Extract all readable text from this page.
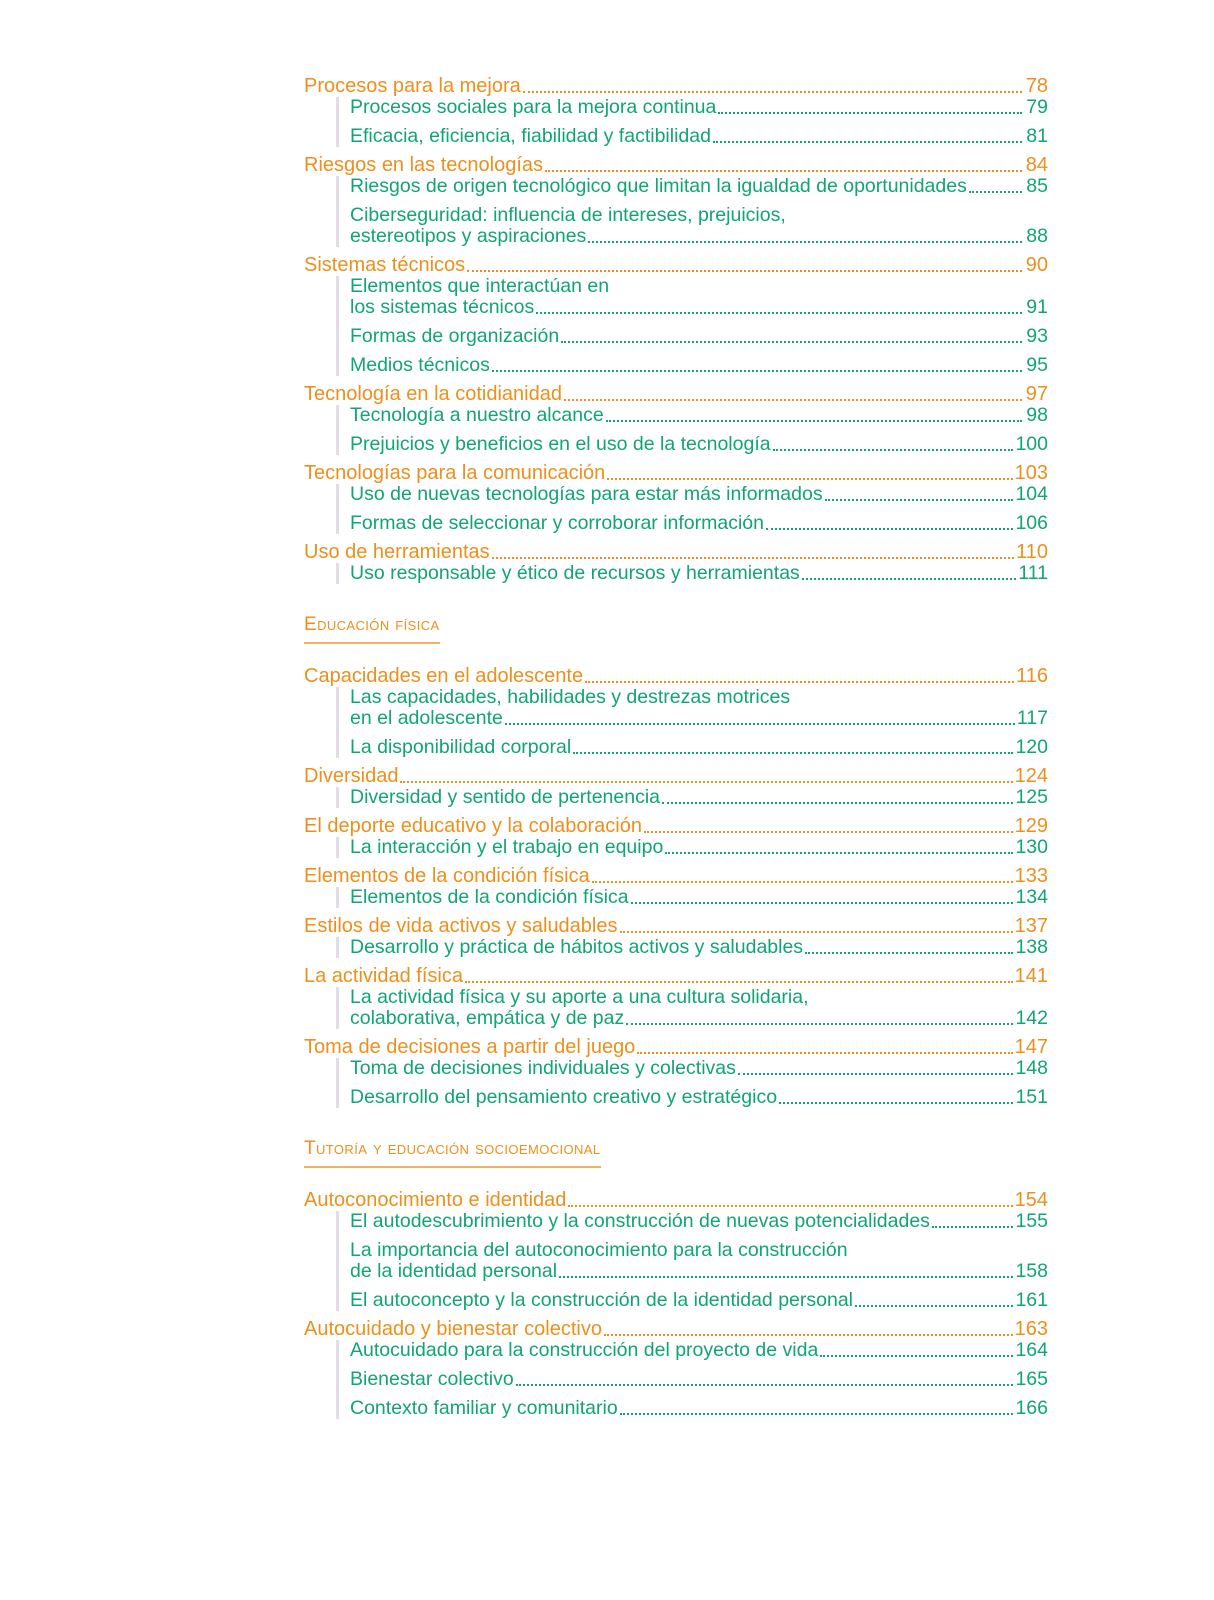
Procesos para la mejora	78
Procesos sociales para la mejora continua	79
Eficacia, eficiencia, fiabilidad y factibilidad	81
Riesgos en las tecnologías	84
Riesgos de origen tecnológico que limitan la igualdad de oportunidades	85
Ciberseguridad: influencia de intereses, prejuicios,
estereotipos y aspiraciones	88
Sistemas técnicos	90
Elementos que interactúan en
los sistemas técnicos	91
Formas de organización	93
Medios técnicos	95
Tecnología en la cotidianidad	97
Tecnología a nuestro alcance	98
Prejuicios y beneficios en el uso de la tecnología	100
Tecnologías para la comunicación	103
Uso de nuevas tecnologías para estar más informados	104
Formas de seleccionar y corroborar información	106
Uso de herramientas	110
Uso responsable y ético de recursos y herramientas	111
Educación física
Capacidades en el adolescente	116
Las capacidades, habilidades y destrezas motrices
en el adolescente	117
La disponibilidad corporal	120
Diversidad	124
Diversidad y sentido de pertenencia	125
El deporte educativo y la colaboración	129
La interacción y el trabajo en equipo	130
Elementos de la condición física	133
Elementos de la condición física	134
Estilos de vida activos y saludables	137
Desarrollo y práctica de hábitos activos y saludables	138
La actividad física	141
La actividad física y su aporte a una cultura solidaria,
colaborativa, empática y de paz	142
Toma de decisiones a partir del juego	147
Toma de decisiones individuales y colectivas	148
Desarrollo del pensamiento creativo y estratégico	151
Tutoría y educación socioemocional
Autoconocimiento e identidad	154
El autodescubrimiento y la construcción de nuevas potencialidades	155
La importancia del autoconocimiento para la construcción
de la identidad personal	158
El autoconcepto y la construcción de la identidad personal	161
Autocuidado y bienestar colectivo	163
Autocuidado para la construcción del proyecto de vida	164
Bienestar colectivo	165
Contexto familiar y comunitario	166
